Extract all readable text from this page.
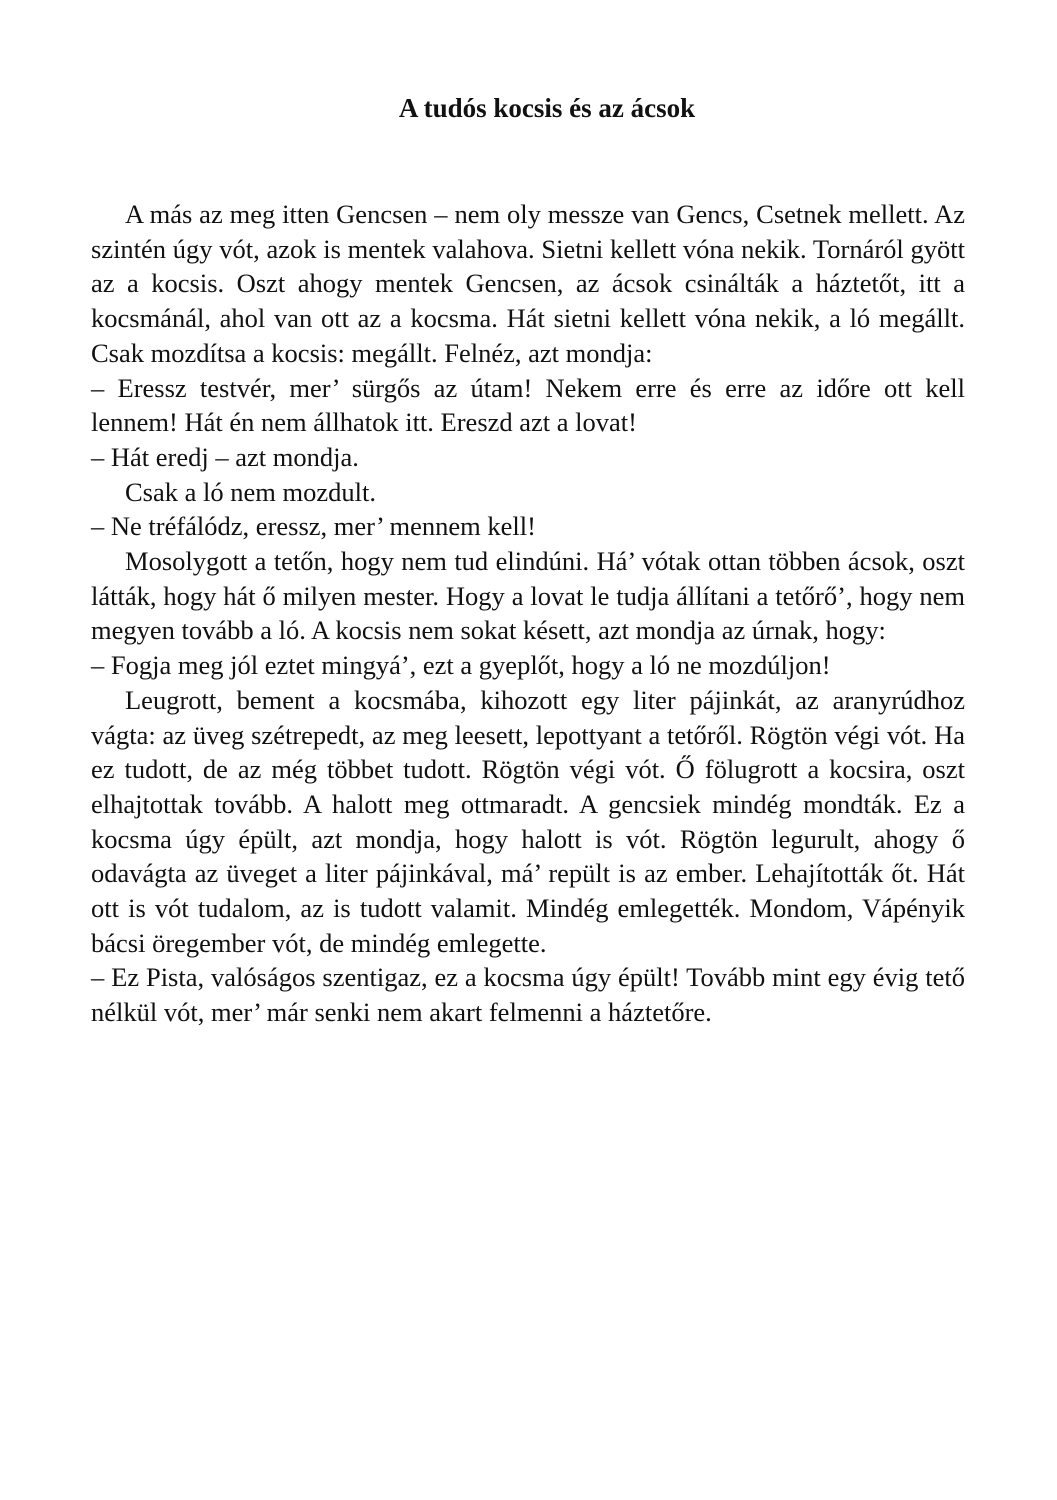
A tudós kocsis és az ácsok

A más az meg itten Gencsen – nem oly messze van Gencs, Csetnek mellett. Az szintén úgy vót, azok is mentek valahova. Sietni kellett vóna nekik. Tornáról gyött az a kocsis. Oszt ahogy mentek Gencsen, az ácsok csinálták a háztetőt, itt a kocsmánál, ahol van ott az a kocsma. Hát sietni kellett vóna nekik, a ló megállt. Csak mozdítsa a kocsis: megállt. Felnéz, azt mondja:

– Eressz testvér, mer’ sürgős az útam! Nekem erre és erre az időre ott kell lennem! Hát én nem állhatok itt. Ereszd azt a lovat!

– Hát eredj – azt mondja.

Csak a ló nem mozdult.

– Ne tréfálódz, eressz, mer’ mennem kell!

Mosolygott a tetőn, hogy nem tud elindúni. Há’ vótak ottan többen ácsok, oszt látták, hogy hát ő milyen mester. Hogy a lovat le tudja állítani a tetőrő’, hogy nem megyen tovább a ló. A kocsis nem sokat késett, azt mondja az úrnak, hogy:

– Fogja meg jól eztet mingyá’, ezt a gyeplőt, hogy a ló ne mozdúljon!

Leugrott, bement a kocsmába, kihozott egy liter pájinkát, az aranyrúdhoz vágta: az üveg szétrepedt, az meg leesett, lepottyant a tetőről. Rögtön végi vót. Ha ez tudott, de az még többet tudott. Rögtön végi vót. Ő fölugrott a kocsira, oszt elhajtottak tovább. A halott meg ottmaradt. A gencsiek mindég mondták. Ez a kocsma úgy épült, azt mondja, hogy halott is vót. Rögtön legurult, ahogy ő odavágta az üveget a liter pájinkával, má’ repült is az ember. Lehajították őt. Hát ott is vót tudalom, az is tudott valamit. Mindég emlegették. Mondom, Vápényik bácsi öregember vót, de mindég emlegette.

– Ez Pista, valóságos szentigaz, ez a kocsma úgy épült! Tovább mint egy évig tető nélkül vót, mer’ már senki nem akart felmenni a háztetőre.
